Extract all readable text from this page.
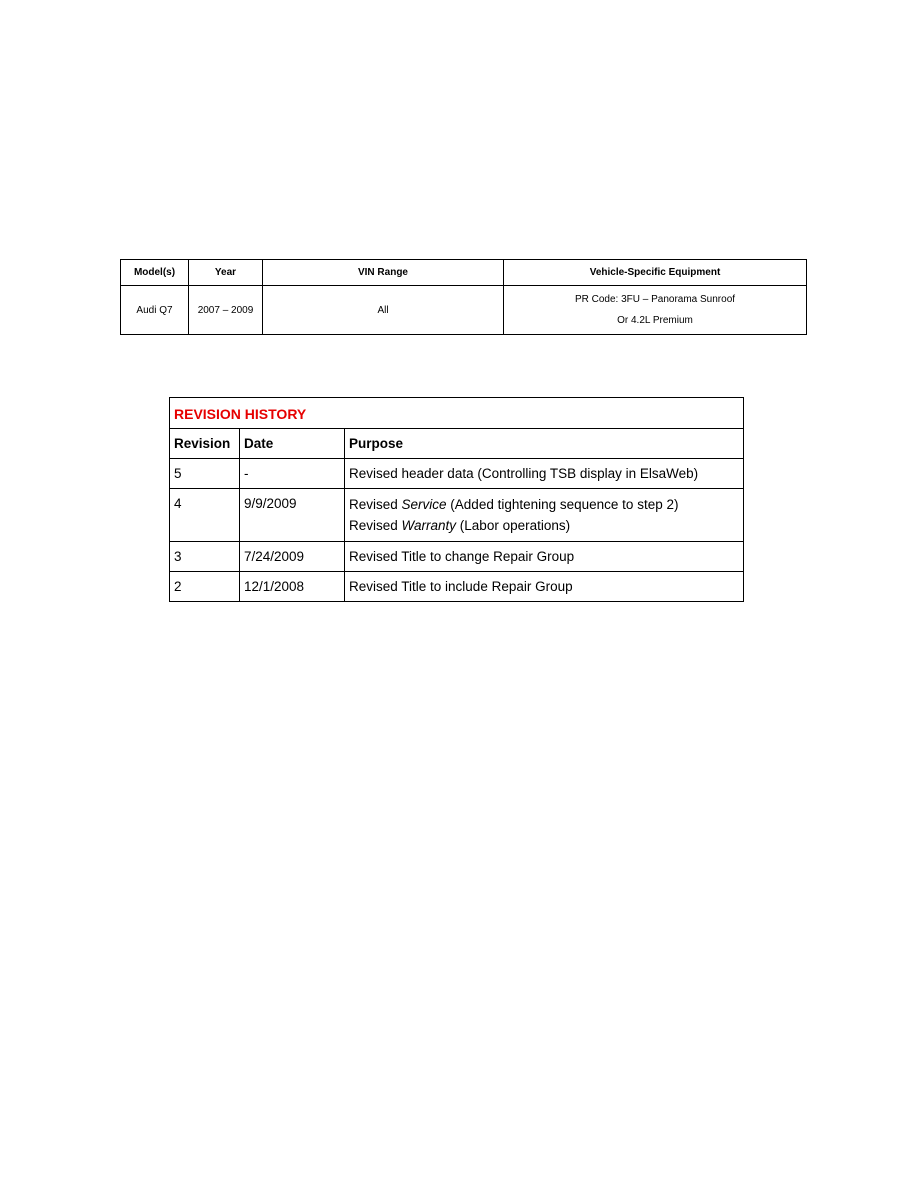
Model(s)	Year	VIN Range	Vehicle-Specific Equipment
Audi Q7	2007 – 2009	All	PR Code: 3FU – Panorama Sunroof
Or 4.2L Premium
REVISION HISTORY		
Revision	Date	Purpose
5	-	Revised header data (Controlling TSB display in ElsaWeb)
4	9/9/2009	Revised Service (Added tightening sequence to step 2)
Revised Warranty (Labor operations)

3	7/24/2009	Revised Title to change Repair Group
2	12/1/2008	Revised Title to include Repair Group
